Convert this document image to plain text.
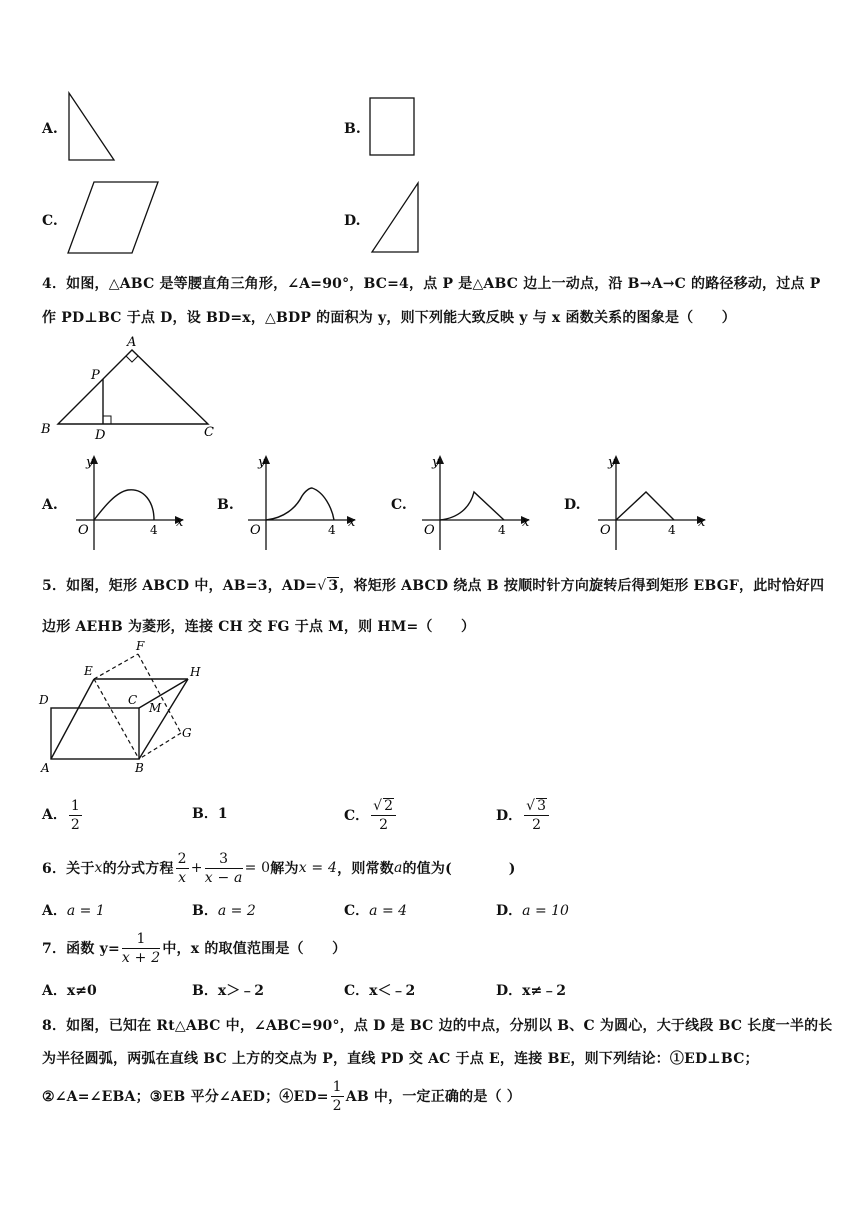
A.	B.
C.	D.
4．如图，△ABC 是等腰直角三角形，∠A=90°，BC=4，点 P 是△ABC 边上一动点，沿 B→A→C 的路径移动，过点 P
作 PD⊥BC 于点 D，设 BD=x，△BDP 的面积为 y，则下列能大致反映 y 与 x 函数关系的图象是（　　）
A
B	C
P
D
A.
y
x
O	4
B.
y
x
O	4
C.
y
x
O	4
D.
y
x
O	4
5．如图，矩形 ABCD 中，AB=3，AD=√ 3，将矩形 ABCD 绕点 B 按顺时针方向旋转后得到矩形 EBGF，此时恰好四
边形 AEHB 为菱形，连接 CH 交 FG 于点 M，则 HM=（　　）
E
F
H
D	C
M
G
A	B
A． $\frac{1}{2}$	B．1	C． $\frac{√ 2}{2}$	D． $\frac{√ 3}{2}$
6．关于 x 的分式方程 $\frac{2}{x} + \frac{3}{x - a} = 0$ 解为 x = 4 ，则常数 a 的值为(　　　　)
A．a = 1	B．a = 2	C．a = 4	D．a = 10
7．函数 $y= \frac{1}{x + 2}$ 中，x 的取值范围是（　　）
A．x≠0	B．x＞﹣2	C．x＜﹣2	D．x≠﹣2
8．如图，已知在 Rt△ABC 中，∠ABC=90°，点 D 是 BC 边的中点，分别以 B、C 为圆心，大于线段 BC 长度一半的长
为半径圆弧，两弧在直线 BC 上方的交点为 P，直线 PD 交 AC 于点 E，连接 BE，则下列结论：①ED⊥BC；
②∠A=∠EBA；③EB 平分∠AED；④ED= $\frac{1}{2}$ AB 中，一定正确的是（ ）
